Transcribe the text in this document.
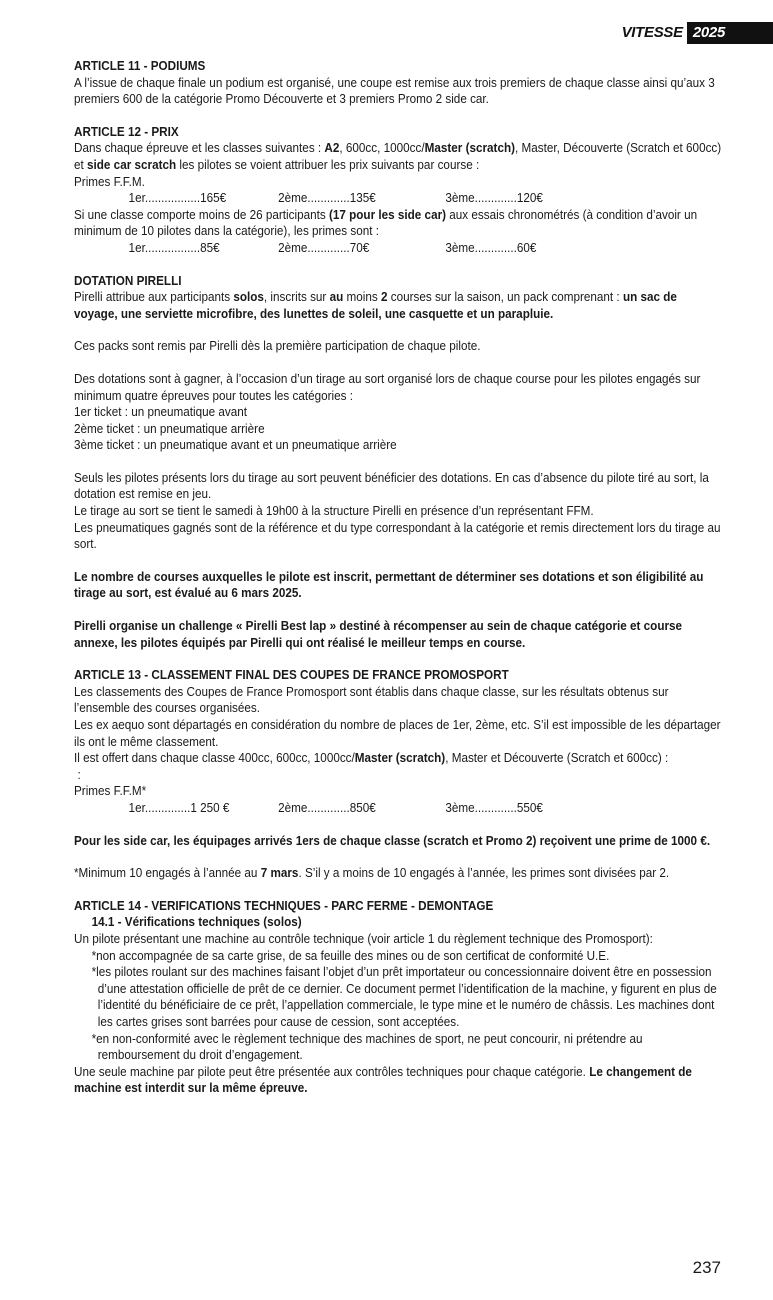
VITESSE 2025

ARTICLE 11 - PODIUMS

A l’issue de chaque finale un podium est organisé, une coupe est remise aux trois premiers de chaque classe ainsi qu’aux 3 premiers 600 de la catégorie Promo Découverte et 3 premiers Promo 2 side car.

ARTICLE 12 - PRIX

Dans chaque épreuve et les classes suivantes : A2, 600cc, 1000cc/Master (scratch), Master, Découverte (Scratch et 600cc) et side car scratch les pilotes se voient attribuer les prix suivants par course :

Primes F.F.M.

1er.................165€	2ème.............135€	3ème.............120€

Si une classe comporte moins de 26 participants (17 pour les side car) aux essais chronométrés (à condition d’avoir un minimum de 10 pilotes dans la catégorie), les primes sont :

1er.................85€	2ème.............70€	3ème.............60€

DOTATION PIRELLI

Pirelli attribue aux participants solos, inscrits sur au moins 2 courses sur la saison, un pack comprenant : un sac de voyage, une serviette microfibre, des lunettes de soleil, une casquette et un parapluie.

Ces packs sont remis par Pirelli dès la première participation de chaque pilote.

Des dotations sont à gagner, à l’occasion d’un tirage au sort organisé lors de chaque course pour les pilotes engagés sur minimum quatre épreuves pour toutes les catégories :

1er ticket : un pneumatique avant

2ème ticket : un pneumatique arrière

3ème ticket : un pneumatique avant et un pneumatique arrière

Seuls les pilotes présents lors du tirage au sort peuvent bénéficier des dotations. En cas d’absence du pilote tiré au sort, la dotation est remise en jeu.

Le tirage au sort se tient le samedi à 19h00 à la structure Pirelli en présence d’un représentant FFM.

Les pneumatiques gagnés sont de la référence et du type correspondant à la catégorie et remis directement lors du tirage au sort.

Le nombre de courses auxquelles le pilote est inscrit, permettant de déterminer ses dotations et son éligibilité au tirage au sort, est évalué au 6 mars 2025.

Pirelli organise un challenge « Pirelli Best lap » destiné à récompenser au sein de chaque catégorie et course annexe, les pilotes équipés par Pirelli qui ont réalisé le meilleur temps en course.

ARTICLE 13 - CLASSEMENT FINAL DES COUPES DE FRANCE PROMOSPORT

Les classements des Coupes de France Promosport sont établis dans chaque classe, sur les résultats obtenus sur l’ensemble des courses organisées.

Les ex aequo sont départagés en considération du nombre de places de 1er, 2ème, etc. S’il est impossible de les départager ils ont le même classement.

Il est offert dans chaque classe 400cc, 600cc, 1000cc/Master (scratch), Master et Découverte (Scratch et 600cc) :

:

Primes F.F.M*

1er..............1 250 €	2ème.............850€	3ème.............550€

Pour les side car, les équipages arrivés 1ers de chaque classe (scratch et Promo 2) reçoivent une prime de 1000 €.

*Minimum 10 engagés à l’année au 7 mars. S’il y a moins de 10 engagés à l’année, les primes sont divisées par 2.

ARTICLE 14 - VERIFICATIONS TECHNIQUES - PARC FERME - DEMONTAGE

14.1 - Vérifications techniques (solos)

Un pilote présentant une machine au contrôle technique (voir article 1 du règlement technique des Promosport):

*non accompagnée de sa carte grise, de sa feuille des mines ou de son certificat de conformité U.E.

*les pilotes roulant sur des machines faisant l’objet d’un prêt importateur ou concessionnaire doivent être en possession d’une attestation officielle de prêt de ce dernier. Ce document permet l’identification de la machine, y figurent en plus de l’identité du bénéficiaire de ce prêt, l’appellation commerciale, le type mine et le numéro de châssis. Les machines dont les cartes grises sont barrées pour cause de cession, sont acceptées.

*en non-conformité avec le règlement technique des machines de sport, ne peut concourir, ni prétendre au remboursement du droit d’engagement.

Une seule machine par pilote peut être présentée aux contrôles techniques pour chaque catégorie. Le changement de machine est interdit sur la même épreuve.

237
